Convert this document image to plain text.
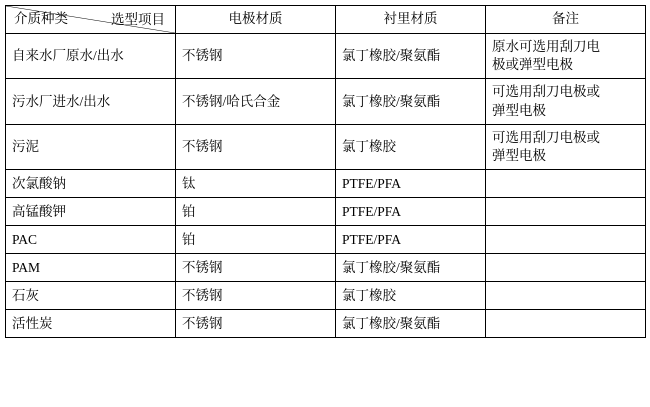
选型项目
介质种类	电极材质	衬里材质	备注
自来水厂原水/出水	不锈钢	氯丁橡胶/聚氨酯	原水可选用刮刀电
极或弹型电极

污水厂进水/出水	不锈钢/哈氏合金	氯丁橡胶/聚氨酯	可选用刮刀电极或
弹型电极

污泥	不锈钢	氯丁橡胶	可选用刮刀电极或
弹型电极

次氯酸钠	钛	PTFE/PFA	
高锰酸钾	铂	PTFE/PFA	
PAC	铂	PTFE/PFA	
PAM	不锈钢	氯丁橡胶/聚氨酯	
石灰	不锈钢	氯丁橡胶	
活性炭	不锈钢	氯丁橡胶/聚氨酯	
